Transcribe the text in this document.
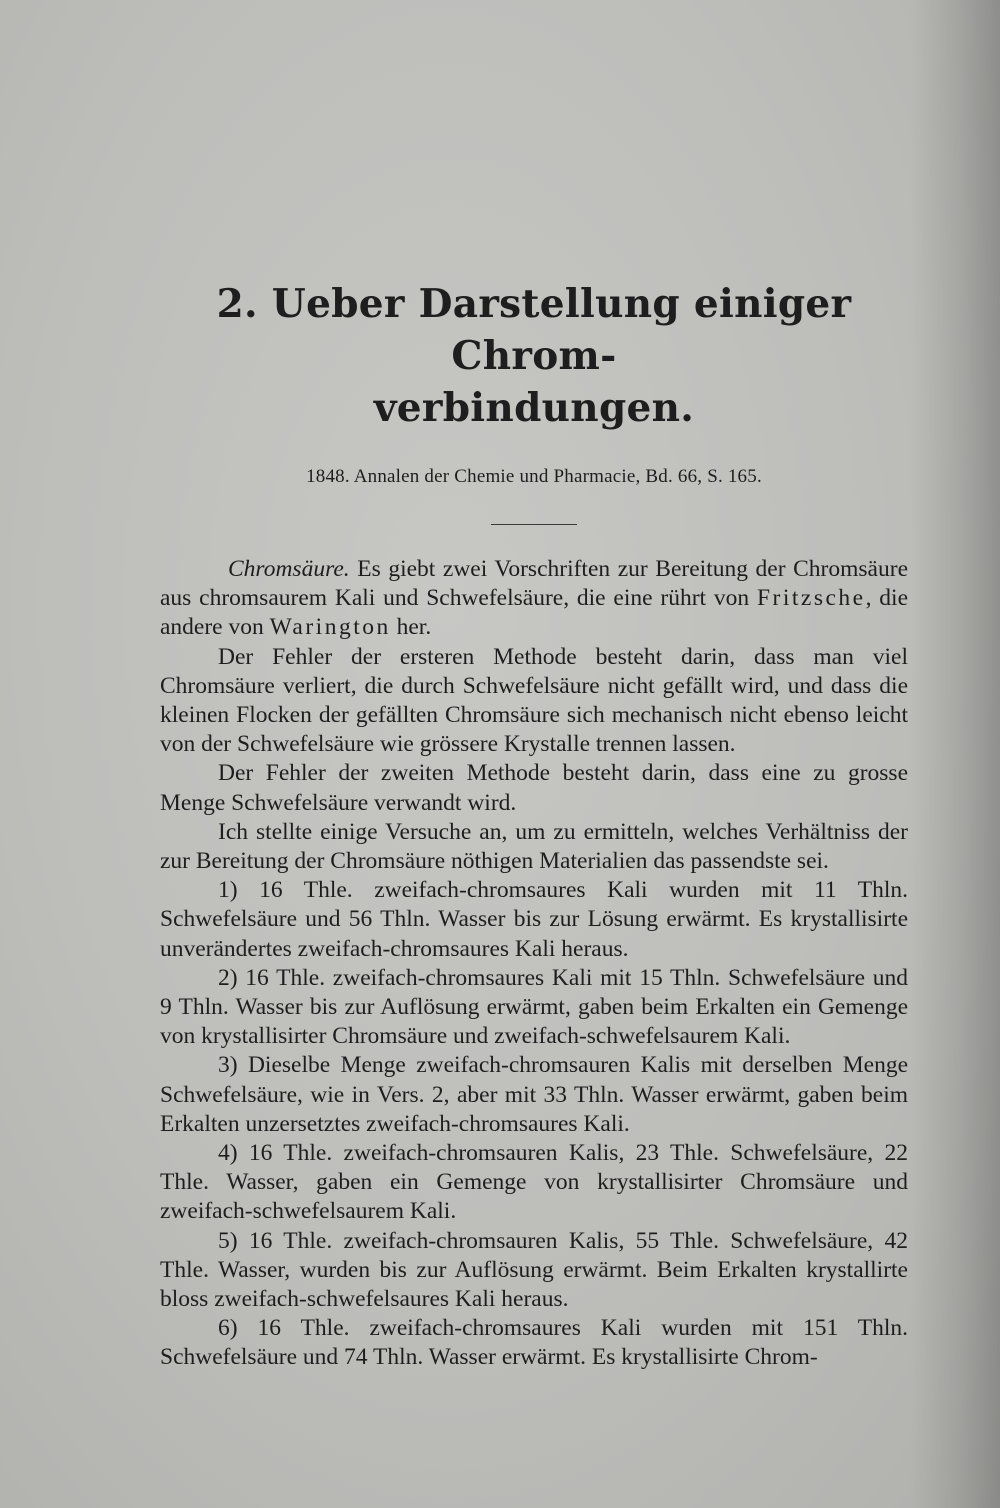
2. Ueber Darstellung einiger Chrom-
verbindungen.
1848. Annalen der Chemie und Pharmacie, Bd. 66, S. 165.

Chromsäure. Es giebt zwei Vorschriften zur Bereitung der Chromsäure aus chromsaurem Kali und Schwefelsäure, die eine rührt von Fritzsche, die andere von Warington her.

Der Fehler der ersteren Methode besteht darin, dass man viel Chromsäure verliert, die durch Schwefelsäure nicht gefällt wird, und dass die kleinen Flocken der gefällten Chromsäure sich mechanisch nicht ebenso leicht von der Schwefelsäure wie grössere Krystalle trennen lassen.

Der Fehler der zweiten Methode besteht darin, dass eine zu grosse Menge Schwefelsäure verwandt wird.

Ich stellte einige Versuche an, um zu ermitteln, welches Verhältniss der zur Bereitung der Chromsäure nöthigen Materialien das passendste sei.

1) 16 Thle. zweifach-chromsaures Kali wurden mit 11 Thln. Schwefelsäure und 56 Thln. Wasser bis zur Lösung erwärmt. Es krystallisirte unverändertes zweifach-chromsaures Kali heraus.

2) 16 Thle. zweifach-chromsaures Kali mit 15 Thln. Schwefelsäure und 9 Thln. Wasser bis zur Auflösung erwärmt, gaben beim Erkalten ein Gemenge von krystallisirter Chromsäure und zweifach-schwefelsaurem Kali.

3) Dieselbe Menge zweifach-chromsauren Kalis mit derselben Menge Schwefelsäure, wie in Vers. 2, aber mit 33 Thln. Wasser erwärmt, gaben beim Erkalten unzersetztes zweifach-chromsaures Kali.

4) 16 Thle. zweifach-chromsauren Kalis, 23 Thle. Schwefelsäure, 22 Thle. Wasser, gaben ein Gemenge von krystallisirter Chromsäure und zweifach-schwefelsaurem Kali.

5) 16 Thle. zweifach-chromsauren Kalis, 55 Thle. Schwefelsäure, 42 Thle. Wasser, wurden bis zur Auflösung erwärmt. Beim Erkalten krystallirte bloss zweifach-schwefelsaures Kali heraus.

6) 16 Thle. zweifach-chromsaures Kali wurden mit 151 Thln. Schwefelsäure und 74 Thln. Wasser erwärmt. Es krystallisirte Chrom-
